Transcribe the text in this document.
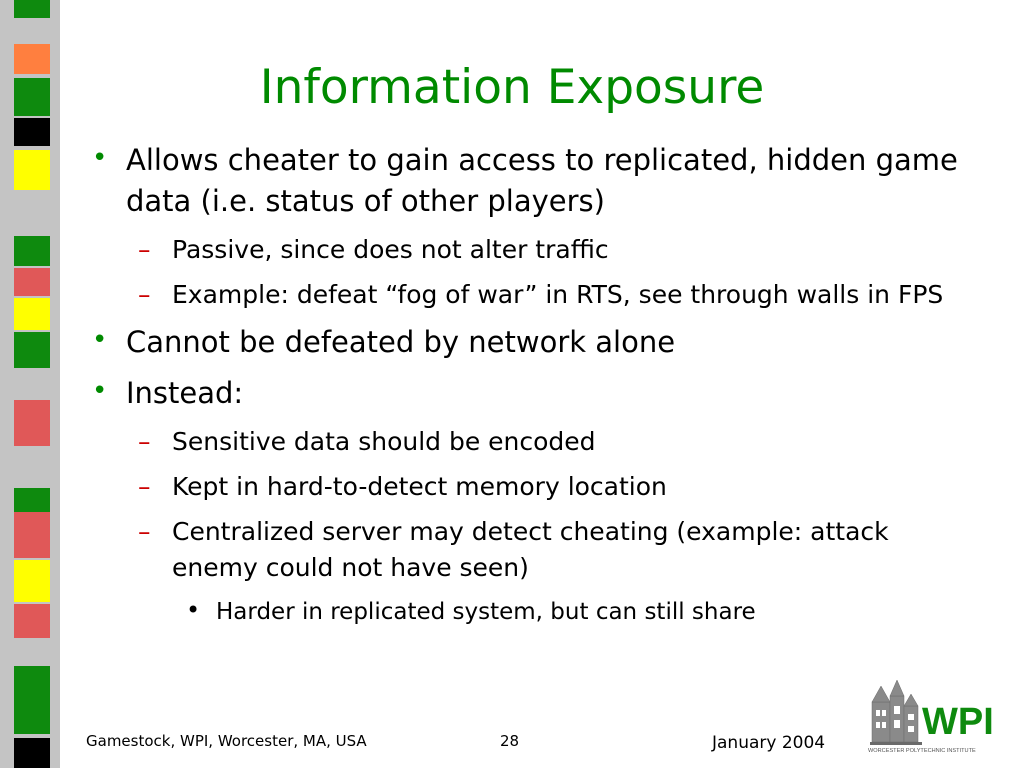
Information Exposure
• Allows cheater to gain access to replicated, hidden game data (i.e. status of other players)
– Passive, since does not alter traffic
– Example: defeat “fog of war” in RTS, see through walls in FPS
• Cannot be defeated by network alone
• Instead:
– Sensitive data should be encoded
– Kept in hard-to-detect memory location
– Centralized server may detect cheating (example: attack enemy could not have seen)
• Harder in replicated system, but can still share
Gamestock, WPI, Worcester, MA, USA	28	January 2004	WPI
WORCESTER POLYTECHNIC INSTITUTE
